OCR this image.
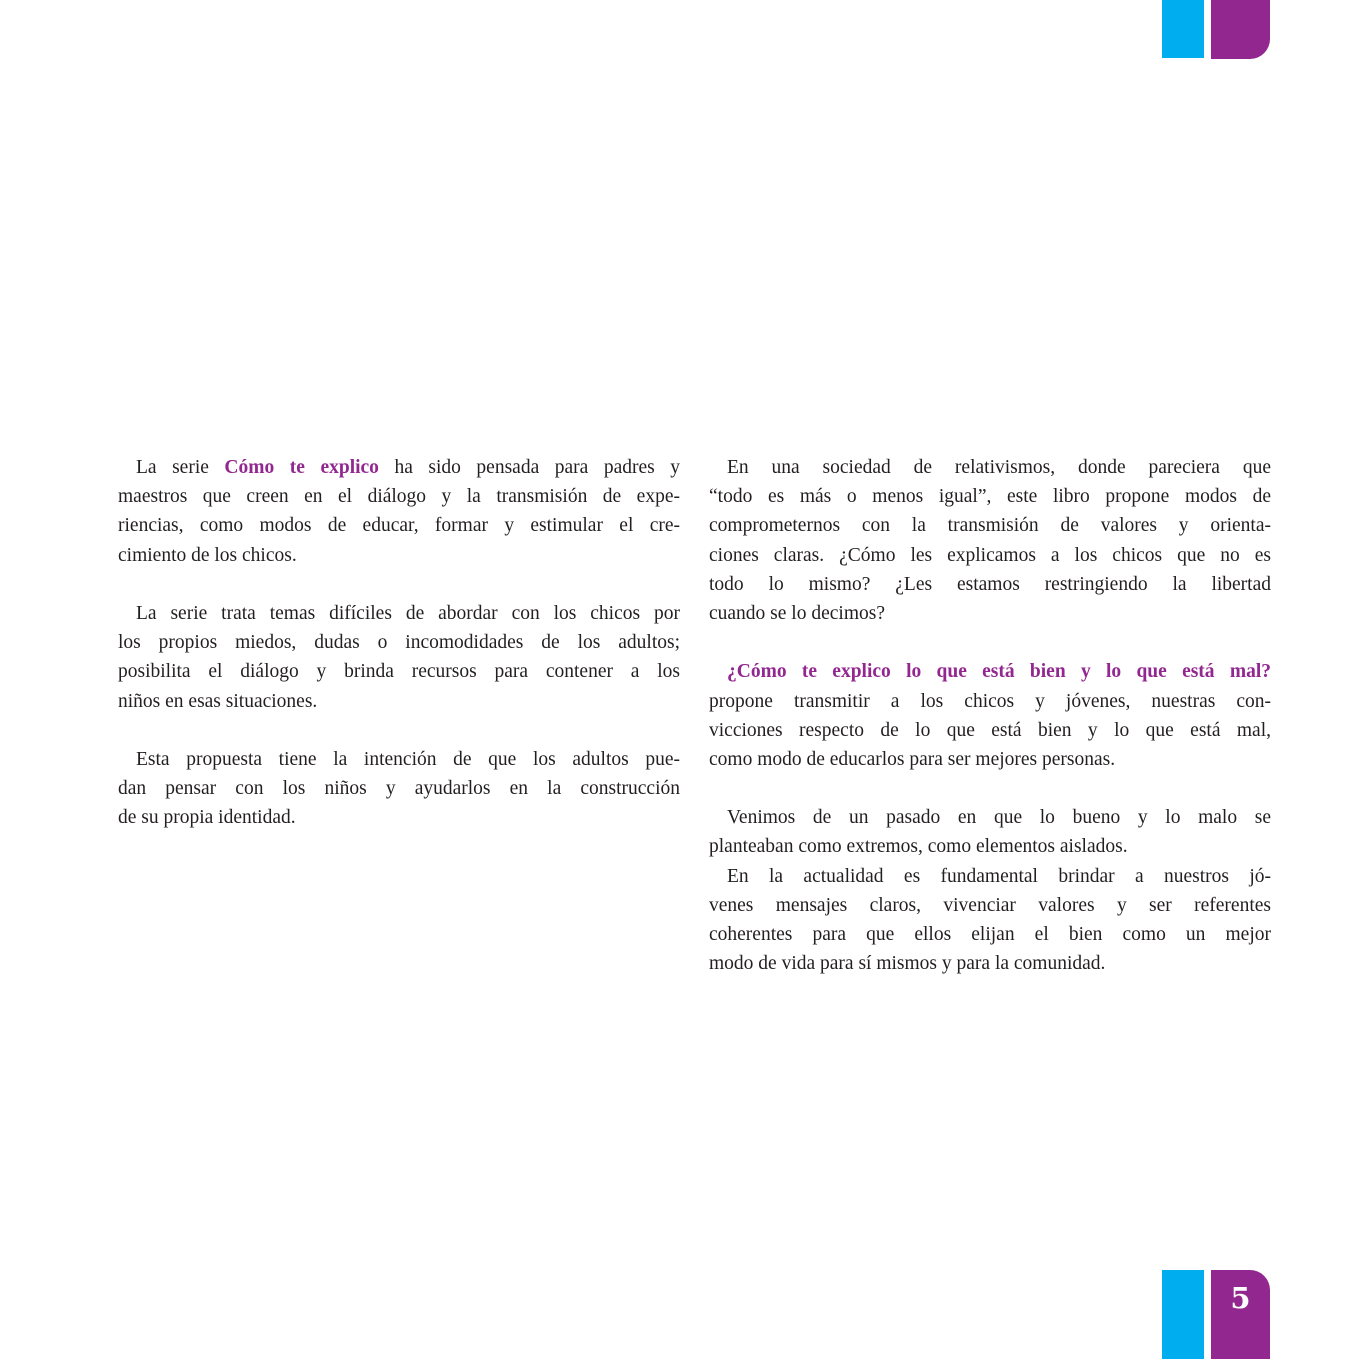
5

La serie Cómo te explico ha sido pensada para padres y
maestros que creen en el diálogo y la transmisión de expe-
riencias, como modos de educar, formar y estimular el cre-
cimiento de los chicos.

La serie trata temas difíciles de abordar con los chicos por
los propios miedos, dudas o incomodidades de los adultos;
posibilita el diálogo y brinda recursos para contener a los
niños en esas situaciones.

Esta propuesta tiene la intención de que los adultos pue-
dan pensar con los niños y ayudarlos en la construcción
de su propia identidad.

En una sociedad de relativismos, donde pareciera que
“todo es más o menos igual”, este libro propone modos de
comprometernos con la transmisión de valores y orienta-
ciones claras. ¿Cómo les explicamos a los chicos que no es
todo lo mismo? ¿Les estamos restringiendo la libertad
cuando se lo decimos?

¿Cómo te explico lo que está bien y lo que está mal?
propone transmitir a los chicos y jóvenes, nuestras con-
vicciones respecto de lo que está bien y lo que está mal,
como modo de educarlos para ser mejores personas.

Venimos de un pasado en que lo bueno y lo malo se
planteaban como extremos, como elementos aislados.

En la actualidad es fundamental brindar a nuestros jó-
venes mensajes claros, vivenciar valores y ser referentes
coherentes para que ellos elijan el bien como un mejor
modo de vida para sí mismos y para la comunidad.
